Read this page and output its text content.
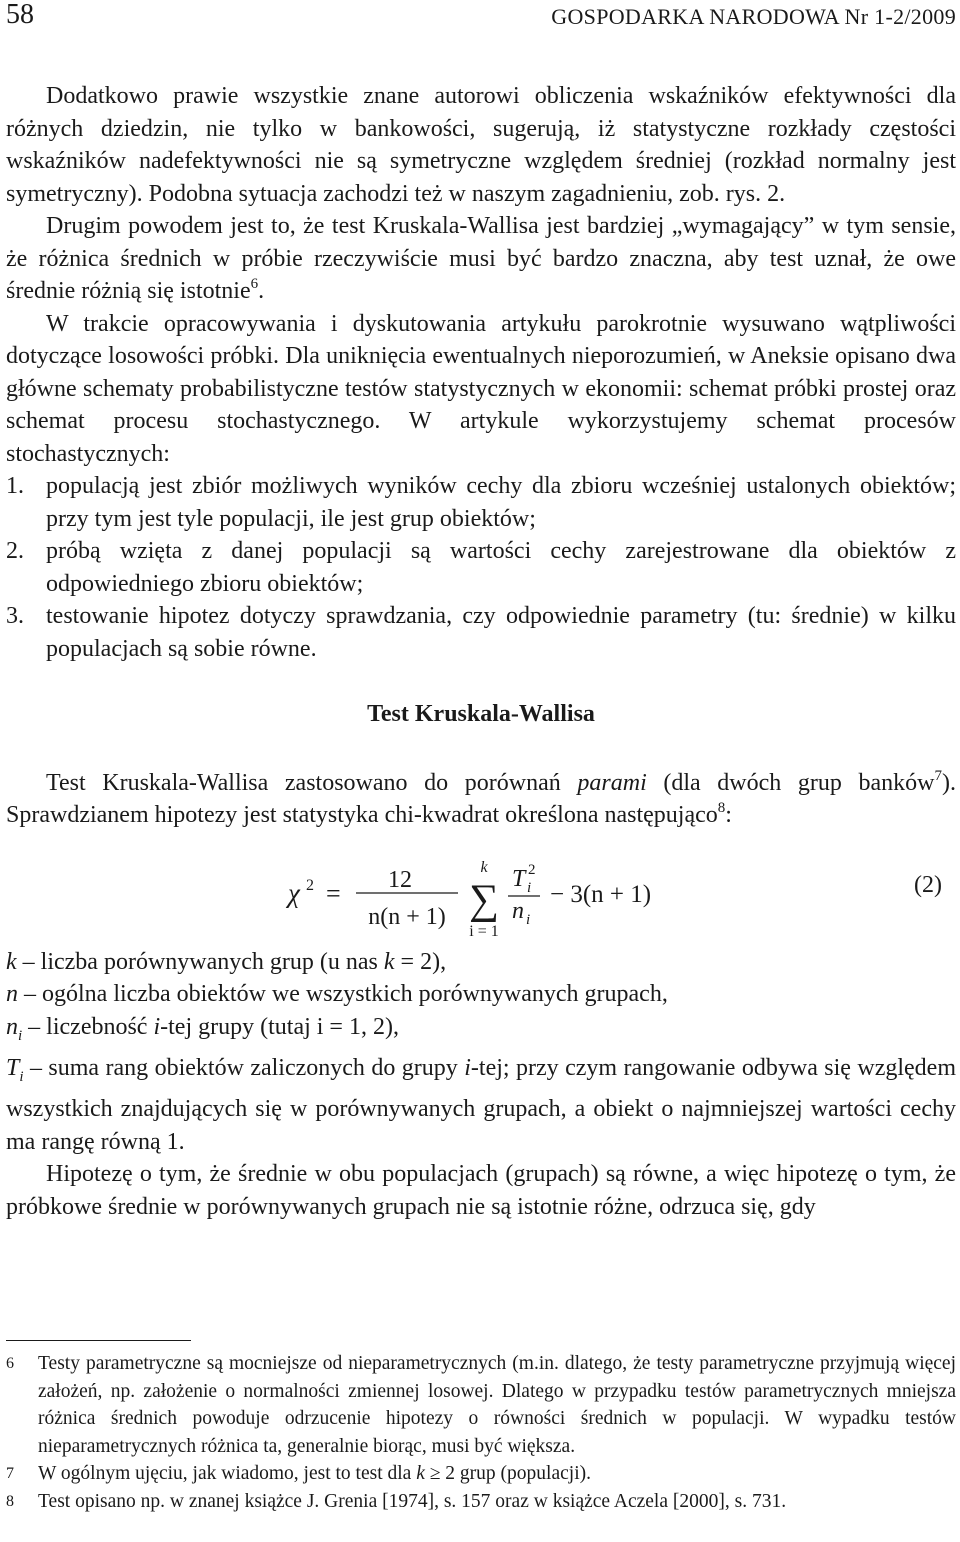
58	GOSPODARKA NARODOWA Nr 1-2/2009

Dodatkowo prawie wszystkie znane autorowi obliczenia wskaźników efektywności dla różnych dziedzin, nie tylko w bankowości, sugerują, iż statystyczne rozkłady częstości wskaźników nadefektywności nie są symetryczne względem średniej (rozkład normalny jest symetryczny). Podobna sytuacja zachodzi też w naszym zagadnieniu, zob. rys. 2.

Drugim powodem jest to, że test Kruskala-Wallisa jest bardziej „wymagający” w tym sensie, że różnica średnich w próbie rzeczywiście musi być bardzo znaczna, aby test uznał, że owe średnie różnią się istotnie$^6$.

W trakcie opracowywania i dyskutowania artykułu parokrotnie wysuwano wątpliwości dotyczące losowości próbki. Dla uniknięcia ewentualnych nieporozumień, w Aneksie opisano dwa główne schematy probabilistyczne testów statystycznych w ekonomii: schemat próbki prostej oraz schemat procesu stochastycznego. W artykule wykorzystujemy schemat procesów stochastycznych:

1. populacją jest zbiór możliwych wyników cechy dla zbioru wcześniej ustalonych obiektów; przy tym jest tyle populacji, ile jest grup obiektów;
2. próbą wzięta z danej populacji są wartości cechy zarejestrowane dla obiektów z odpowiedniego zbioru obiektów;
3. testowanie hipotez dotyczy sprawdzania, czy odpowiednie parametry (tu: średnie) w kilku populacjach są sobie równe.
Test Kruskala-Wallisa

Test Kruskala-Wallisa zastosowano do porównań parami (dla dwóch grup banków$^7$). Sprawdzianem hipotezy jest statystyka chi-kwadrat określona następująco$^8$:

χ 2 = 12
n(n + 1)
k
∑
i = 1
T 2
i
n i
− 3(n + 1)	(2)

k – liczba porównywanych grup (u nas k = 2),

n – ogólna liczba obiektów we wszystkich porównywanych grupach,

$n_i$ – liczebność i-tej grupy (tutaj i = 1, 2),

$T_i$ – suma rang obiektów zaliczonych do grupy i-tej; przy czym rangowanie odbywa się względem wszystkich znajdujących się w porównywanych grupach, a obiekt o najmniejszej wartości cechy ma rangę równą 1.

Hipotezę o tym, że średnie w obu populacjach (grupach) są równe, a więc hipotezę o tym, że próbkowe średnie w porównywanych grupach nie są istotnie różne, odrzuca się, gdy

6 Testy parametryczne są mocniejsze od nieparametrycznych (m.in. dlatego, że testy parametryczne przyjmują więcej założeń, np. założenie o normalności zmiennej losowej. Dlatego w przypadku testów parametrycznych mniejsza różnica średnich powoduje odrzucenie hipotezy o równości średnich w populacji. W wypadku testów nieparametrycznych różnica ta, generalnie biorąc, musi być większa.
7 W ogólnym ujęciu, jak wiadomo, jest to test dla k ≥ 2 grup (populacji).
8 Test opisano np. w znanej książce J. Grenia [1974], s. 157 oraz w książce Aczela [2000], s. 731.
